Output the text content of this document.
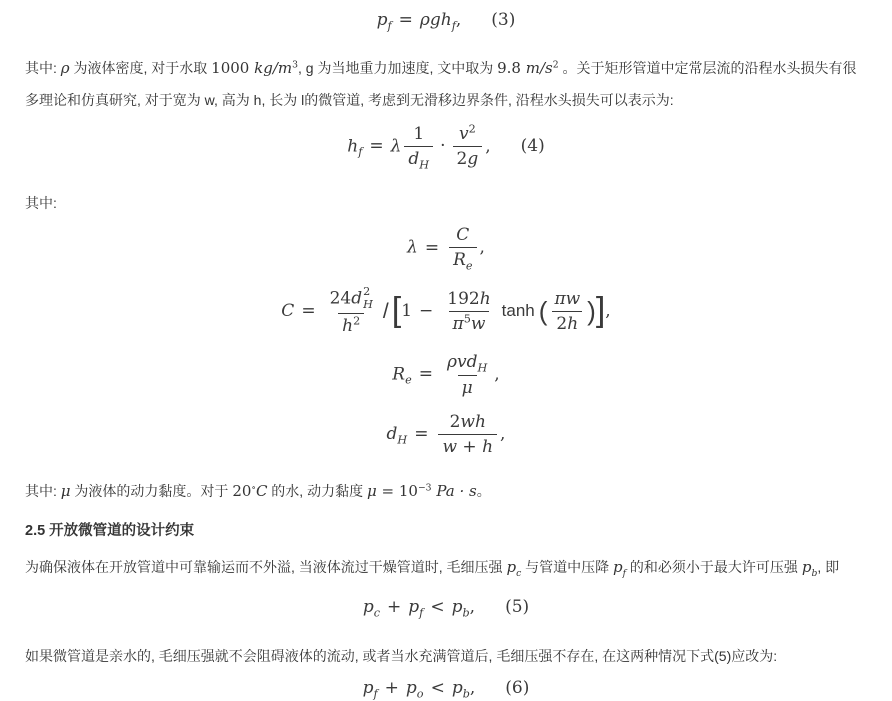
$p_f = \rho gh_f$, (3)

其中: ρ 为液体密度, 对于水取 1000 $kg/m^3$, g 为当地重力加速度, 文中取为 9.8 $m/s^2$ 。关于矩形管道中定常层流的沿程水头损失有很多理论和仿真研究, 对于宽为 w, 高为 h, 长为 l的微管道, 考虑到无滑移边界条件, 沿程水头损失可以表示为:

$h_f = \lambda \frac{1}{d_H} \cdot \frac{v^2}{2g}$ , (4)

其中:

$\lambda = \frac{C}{R_e}$ ,
C = 24d 2
H
$h^2$ $/[1 - \frac{192h}{\pi^5w}$ tanh ( $\frac{\pi w}{2h}$ )],
$R_e = \frac{\rho vd_H}{\mu}$ ,
$d_H = \frac{2wh}{w + h}$ ,

其中: μ 为液体的动力黏度。对于 20∘C 的水, 动力黏度 $\mu = 10^{-3}$ Pa · s。

2.5 开放微管道的设计约束

为确保液体在开放管道中可靠输运而不外溢, 当液体流过干燥管道时, 毛细压强 $p_c$ 与管道中压降 $p_f$ 的和必须小于最大许可压强 $p_b$, 即

$p_c + p_f < p_b$, (5)

如果微管道是亲水的, 毛细压强就不会阻碍液体的流动, 或者当水充满管道后, 毛细压强不存在, 在这两种情况下式(5)应改为:

$p_f + p_o < p_b$, (6)
